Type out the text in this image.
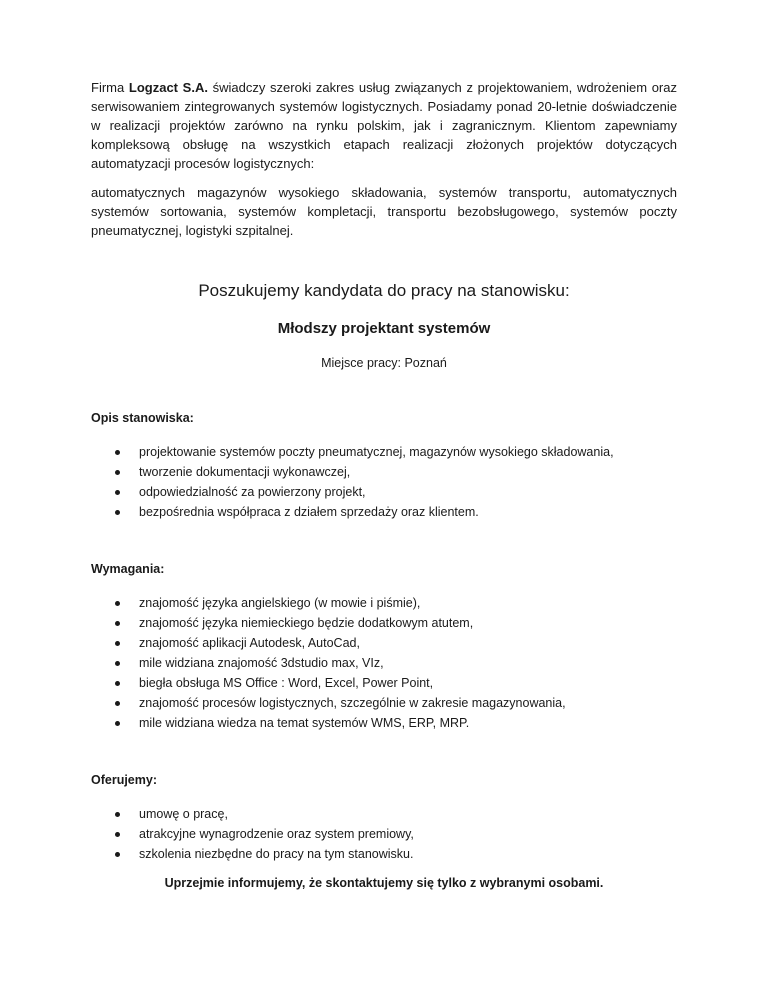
Firma Logzact S.A. świadczy szeroki zakres usług związanych z projektowaniem, wdrożeniem oraz serwisowaniem zintegrowanych systemów logistycznych. Posiadamy ponad 20-letnie doświadczenie w realizacji projektów zarówno na rynku polskim, jak i zagranicznym. Klientom zapewniamy kompleksową obsługę na wszystkich etapach realizacji złożonych projektów dotyczących automatyzacji procesów logistycznych:

automatycznych magazynów wysokiego składowania, systemów transportu, automatycznych systemów sortowania, systemów kompletacji, transportu bezobsługowego, systemów poczty pneumatycznej, logistyki szpitalnej.

Poszukujemy kandydata do pracy na stanowisku:

Młodszy projektant systemów

Miejsce pracy: Poznań

Opis stanowiska:

projektowanie systemów poczty pneumatycznej, magazynów wysokiego składowania,
tworzenie dokumentacji wykonawczej,
odpowiedzialność za powierzony projekt,
bezpośrednia współpraca z działem sprzedaży oraz klientem.

Wymagania:

znajomość języka angielskiego (w mowie i piśmie),
znajomość języka niemieckiego będzie dodatkowym atutem,
znajomość aplikacji Autodesk, AutoCad,
mile widziana znajomość 3dstudio max, VIz,
biegła obsługa MS Office : Word, Excel, Power Point,
znajomość procesów logistycznych, szczególnie w zakresie magazynowania,
mile widziana wiedza na temat systemów WMS, ERP, MRP.

Oferujemy:

umowę o pracę,
atrakcyjne wynagrodzenie oraz system premiowy,
szkolenia niezbędne do pracy na tym stanowisku.

Uprzejmie informujemy, że skontaktujemy się tylko z wybranymi osobami.
